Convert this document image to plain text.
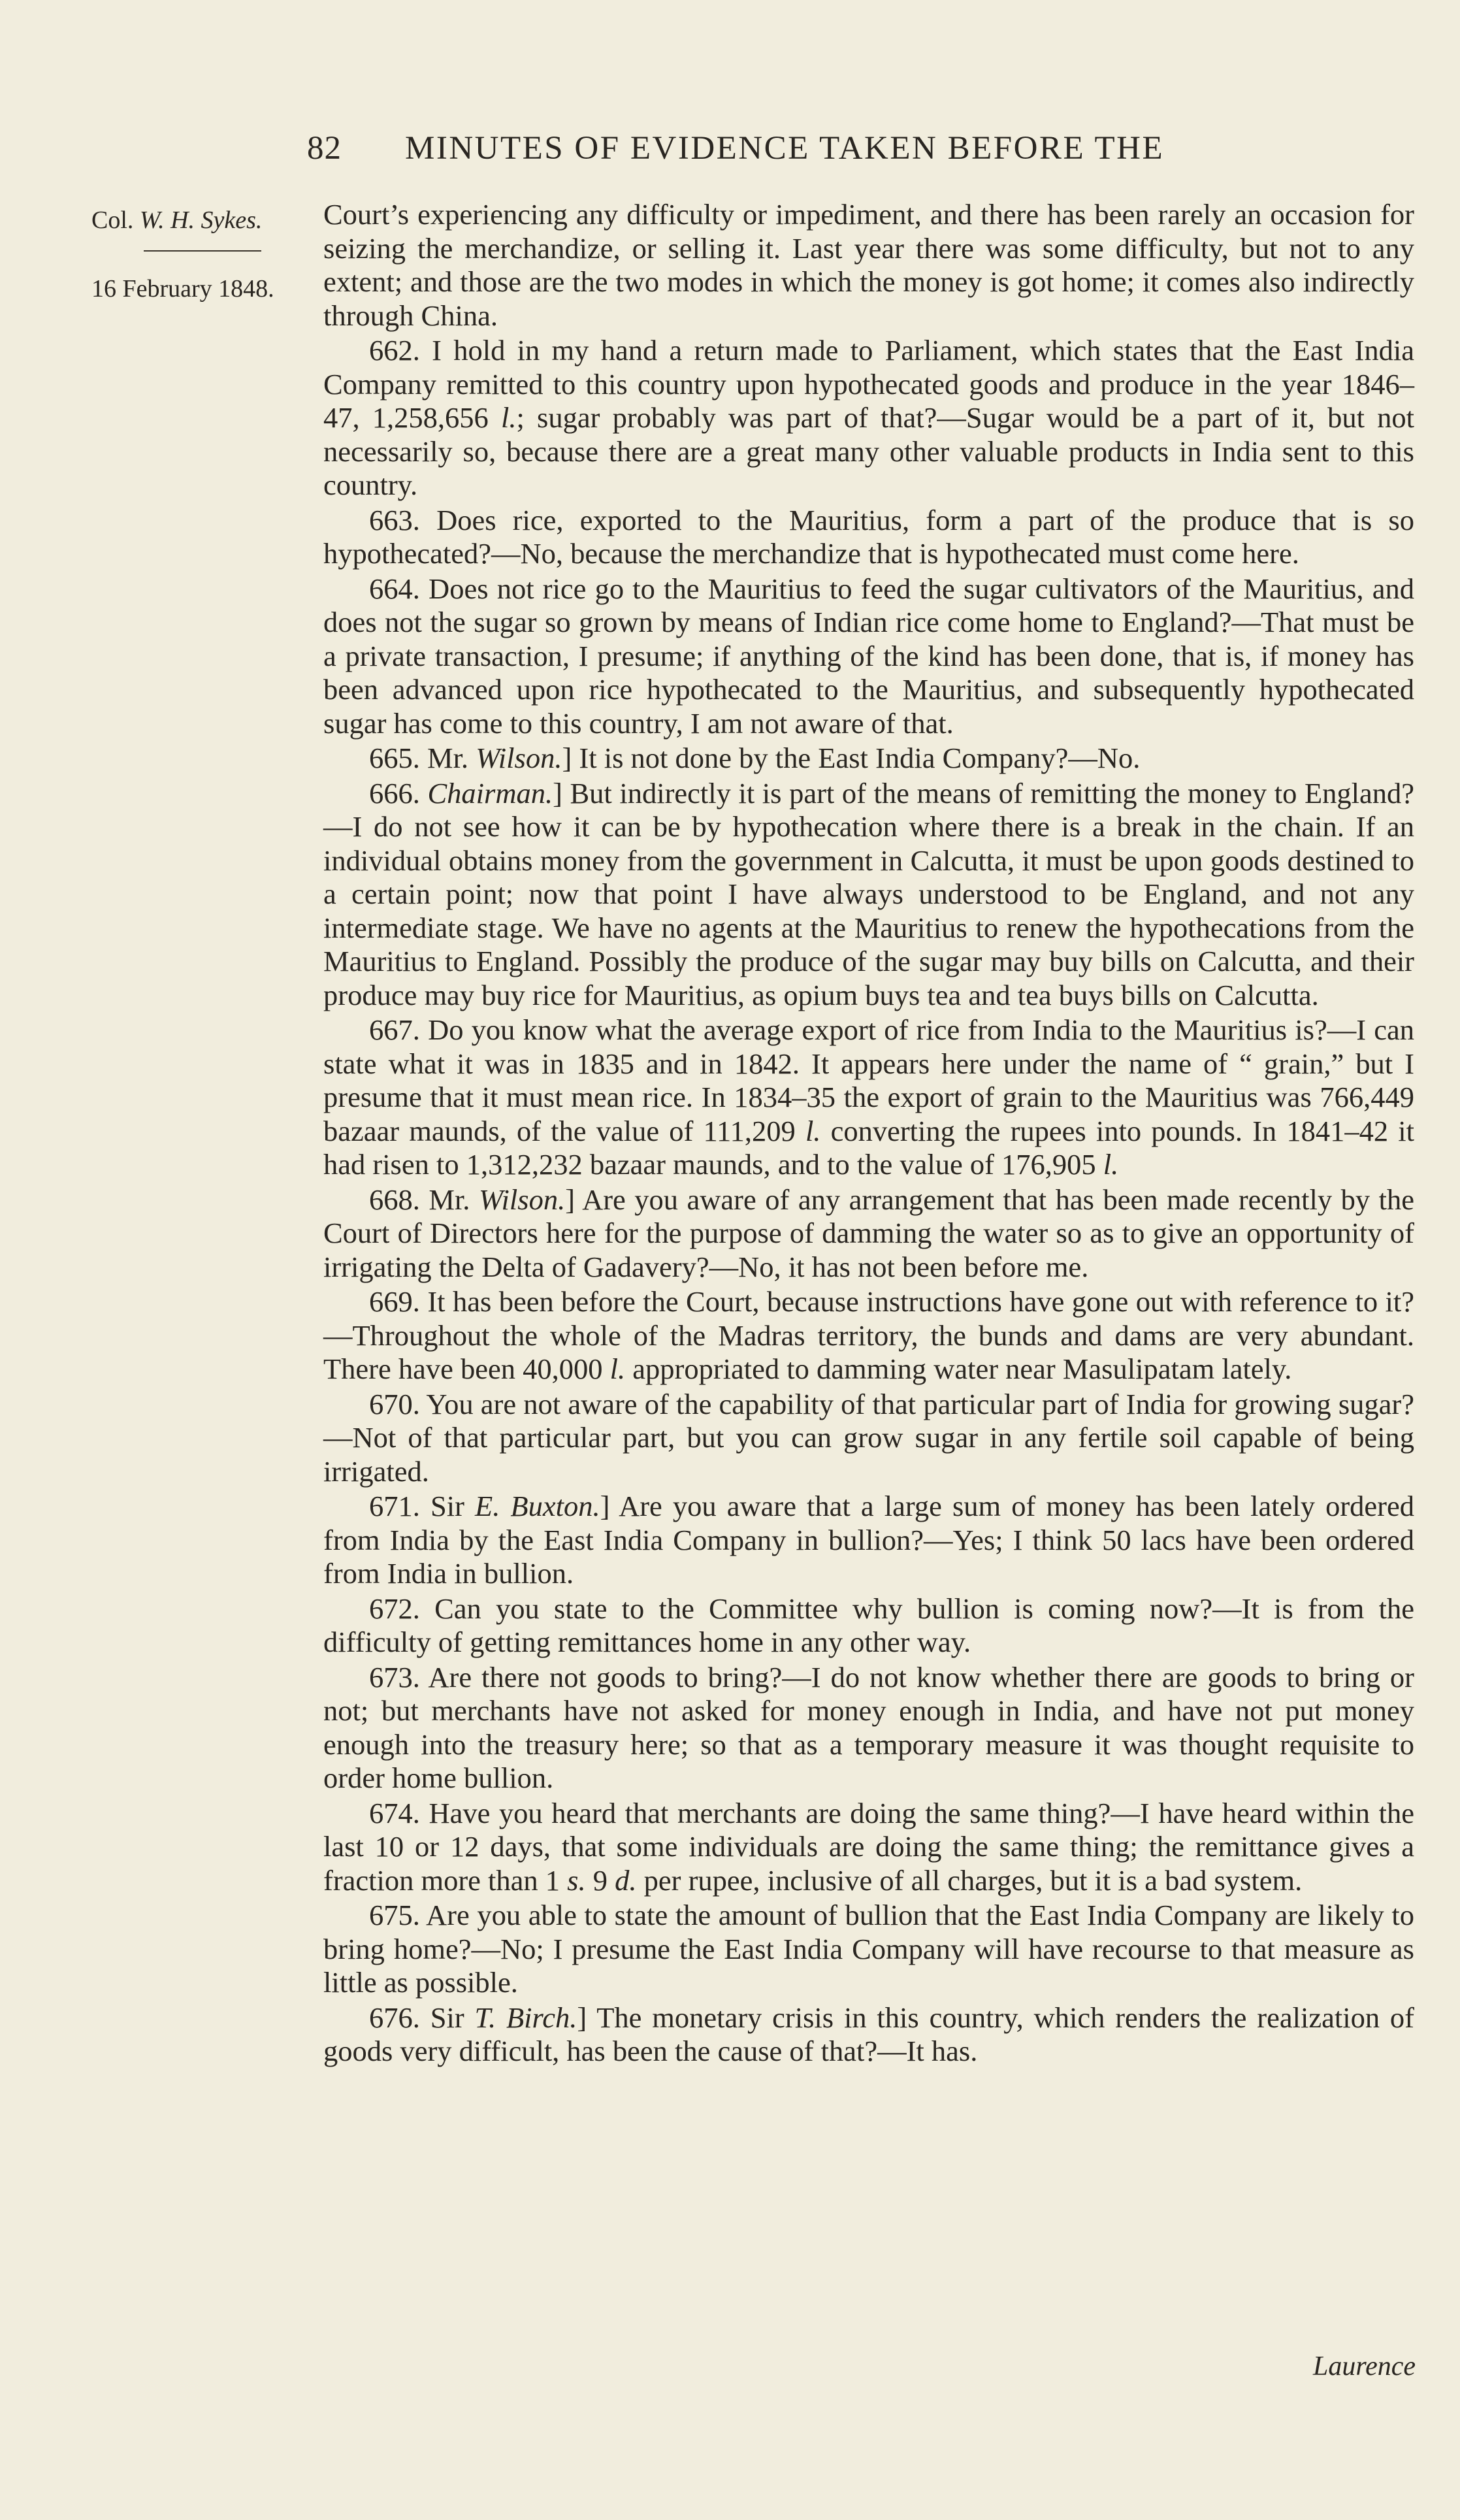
82 MINUTES OF EVIDENCE TAKEN BEFORE THE
Col. W. H. Sykes.
16 February 1848.

Court’s experiencing any difficulty or impediment, and there has been rarely an occasion for seizing the merchandize, or selling it. Last year there was some difficulty, but not to any extent; and those are the two modes in which the money is got home; it comes also indirectly through China.

662. I hold in my hand a return made to Parliament, which states that the East India Company remitted to this country upon hypothecated goods and produce in the year 1846–47, 1,258,656 l.; sugar probably was part of that?—Sugar would be a part of it, but not necessarily so, because there are a great many other valuable products in India sent to this country.

663. Does rice, exported to the Mauritius, form a part of the produce that is so hypothecated?—No, because the merchandize that is hypothecated must come here.

664. Does not rice go to the Mauritius to feed the sugar cultivators of the Mauritius, and does not the sugar so grown by means of Indian rice come home to England?—That must be a private transaction, I presume; if anything of the kind has been done, that is, if money has been advanced upon rice hypothecated to the Mauritius, and subsequently hypothecated sugar has come to this country, I am not aware of that.

665. Mr. Wilson.] It is not done by the East India Company?—No.

666. Chairman.] But indirectly it is part of the means of remitting the money to England?—I do not see how it can be by hypothecation where there is a break in the chain. If an individual obtains money from the government in Calcutta, it must be upon goods destined to a certain point; now that point I have always understood to be England, and not any intermediate stage. We have no agents at the Mauritius to renew the hypothecations from the Mauritius to England. Possibly the produce of the sugar may buy bills on Calcutta, and their produce may buy rice for Mauritius, as opium buys tea and tea buys bills on Calcutta.

667. Do you know what the average export of rice from India to the Mauritius is?—I can state what it was in 1835 and in 1842. It appears here under the name of “ grain,” but I presume that it must mean rice. In 1834–35 the export of grain to the Mauritius was 766,449 bazaar maunds, of the value of 111,209 l. converting the rupees into pounds. In 1841–42 it had risen to 1,312,232 bazaar maunds, and to the value of 176,905 l.

668. Mr. Wilson.] Are you aware of any arrangement that has been made recently by the Court of Directors here for the purpose of damming the water so as to give an opportunity of irrigating the Delta of Gadavery?—No, it has not been before me.

669. It has been before the Court, because instructions have gone out with reference to it?—Throughout the whole of the Madras territory, the bunds and dams are very abundant. There have been 40,000 l. appropriated to damming water near Masulipatam lately.

670. You are not aware of the capability of that particular part of India for growing sugar?—Not of that particular part, but you can grow sugar in any fertile soil capable of being irrigated.

671. Sir E. Buxton.] Are you aware that a large sum of money has been lately ordered from India by the East India Company in bullion?—Yes; I think 50 lacs have been ordered from India in bullion.

672. Can you state to the Committee why bullion is coming now?—It is from the difficulty of getting remittances home in any other way.

673. Are there not goods to bring?—I do not know whether there are goods to bring or not; but merchants have not asked for money enough in India, and have not put money enough into the treasury here; so that as a temporary measure it was thought requisite to order home bullion.

674. Have you heard that merchants are doing the same thing?—I have heard within the last 10 or 12 days, that some individuals are doing the same thing; the remittance gives a fraction more than 1 s. 9 d. per rupee, inclusive of all charges, but it is a bad system.

675. Are you able to state the amount of bullion that the East India Company are likely to bring home?—No; I presume the East India Company will have recourse to that measure as little as possible.

676. Sir T. Birch.] The monetary crisis in this country, which renders the realization of goods very difficult, has been the cause of that?—It has.

Laurence
